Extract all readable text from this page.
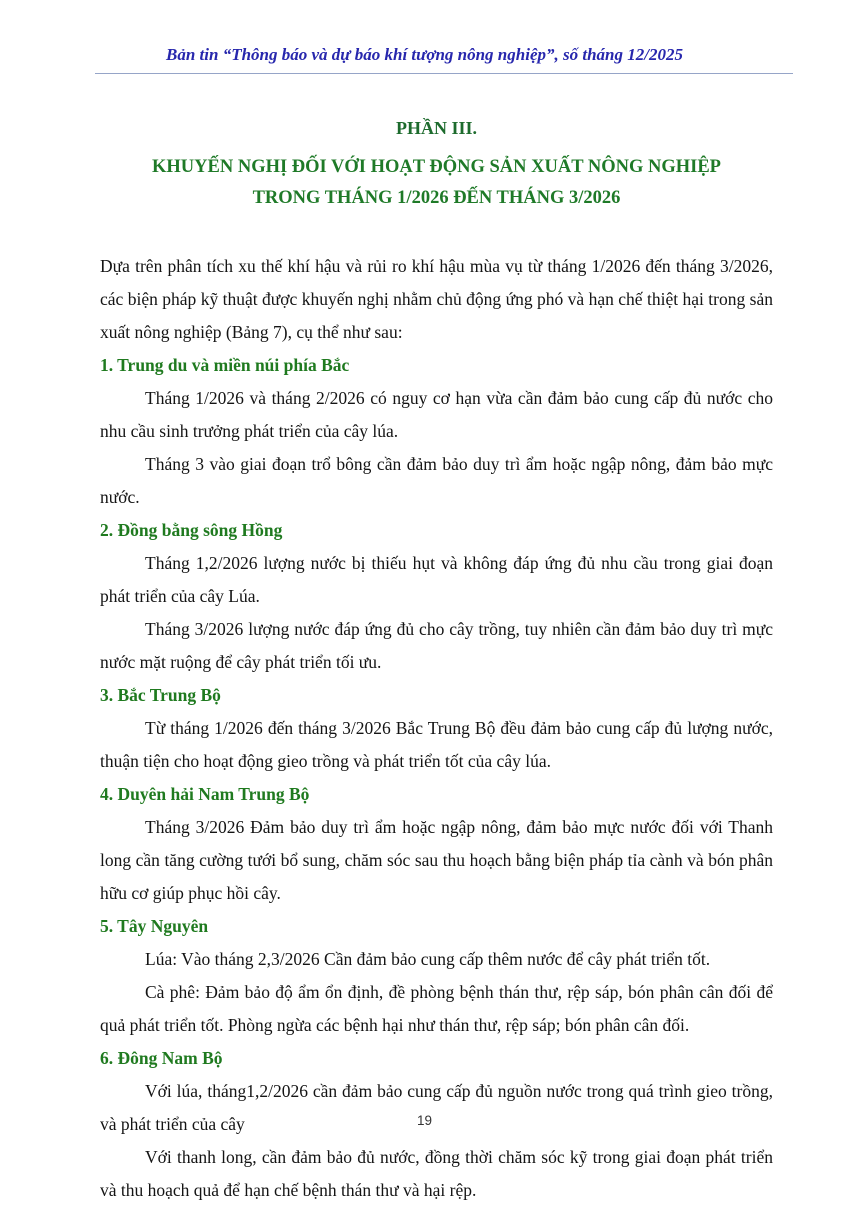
Bản tin “Thông báo và dự báo khí tượng nông nghiệp”, số tháng 12/2025
PHẦN III.
KHUYẾN NGHỊ ĐỐI VỚI HOẠT ĐỘNG SẢN XUẤT NÔNG NGHIỆP
TRONG THÁNG 1/2026 ĐẾN THÁNG 3/2026

Dựa trên phân tích xu thế khí hậu và rủi ro khí hậu mùa vụ từ tháng 1/2026 đến tháng 3/2026, các biện pháp kỹ thuật được khuyến nghị nhằm chủ động ứng phó và hạn chế thiệt hại trong sản xuất nông nghiệp (Bảng 7), cụ thể như sau:

1. Trung du và miền núi phía Bắc

Tháng 1/2026 và tháng 2/2026 có nguy cơ hạn vừa cần đảm bảo cung cấp đủ nước cho nhu cầu sinh trưởng phát triển của cây lúa.

Tháng 3 vào giai đoạn trổ bông cần đảm bảo duy trì ẩm hoặc ngập nông, đảm bảo mực nước.

2. Đồng bằng sông Hồng

Tháng 1,2/2026 lượng nước bị thiếu hụt và không đáp ứng đủ nhu cầu trong giai đoạn phát triển của cây Lúa.

Tháng 3/2026 lượng nước đáp ứng đủ cho cây trồng, tuy nhiên cần đảm bảo duy trì mực nước mặt ruộng để cây phát triển tối ưu.

3. Bắc Trung Bộ

Từ tháng 1/2026 đến tháng 3/2026 Bắc Trung Bộ đều đảm bảo cung cấp đủ lượng nước, thuận tiện cho hoạt động gieo trồng và phát triển tốt của cây lúa.

4. Duyên hải Nam Trung Bộ

Tháng 3/2026 Đảm bảo duy trì ẩm hoặc ngập nông, đảm bảo mực nước đối với Thanh long cần tăng cường tưới bổ sung, chăm sóc sau thu hoạch bằng biện pháp tỉa cành và bón phân hữu cơ giúp phục hồi cây.

5. Tây Nguyên

Lúa: Vào tháng 2,3/2026 Cần đảm bảo cung cấp thêm nước để cây phát triển tốt.

Cà phê: Đảm bảo độ ẩm ổn định, đề phòng bệnh thán thư, rệp sáp, bón phân cân đối để quả phát triển tốt. Phòng ngừa các bệnh hại như thán thư, rệp sáp; bón phân cân đối.

6. Đông Nam Bộ

Với lúa, tháng1,2/2026 cần đảm bảo cung cấp đủ nguồn nước trong quá trình gieo trồng, và phát triển của cây

Với thanh long, cần đảm bảo đủ nước, đồng thời chăm sóc kỹ trong giai đoạn phát triển và thu hoạch quả để hạn chế bệnh thán thư và hại rệp.

19
